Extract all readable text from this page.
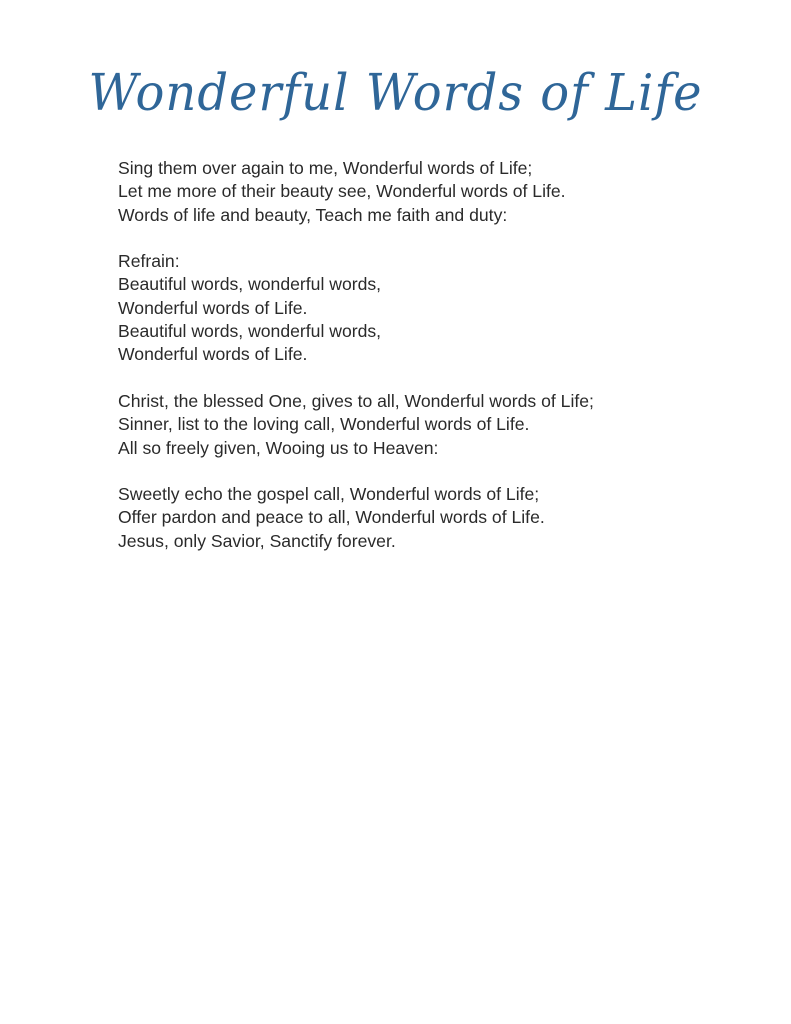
Wonderful Words of Life
Sing them over again to me, Wonderful words of Life;
Let me more of their beauty see, Wonderful words of Life.
Words of life and beauty, Teach me faith and duty:
Refrain:
Beautiful words, wonderful words,
Wonderful words of Life.
Beautiful words, wonderful words,
Wonderful words of Life.
Christ, the blessed One, gives to all, Wonderful words of Life;
Sinner, list to the loving call, Wonderful words of Life.
All so freely given, Wooing us to Heaven:
Sweetly echo the gospel call, Wonderful words of Life;
Offer pardon and peace to all, Wonderful words of Life.
Jesus, only Savior, Sanctify forever.
